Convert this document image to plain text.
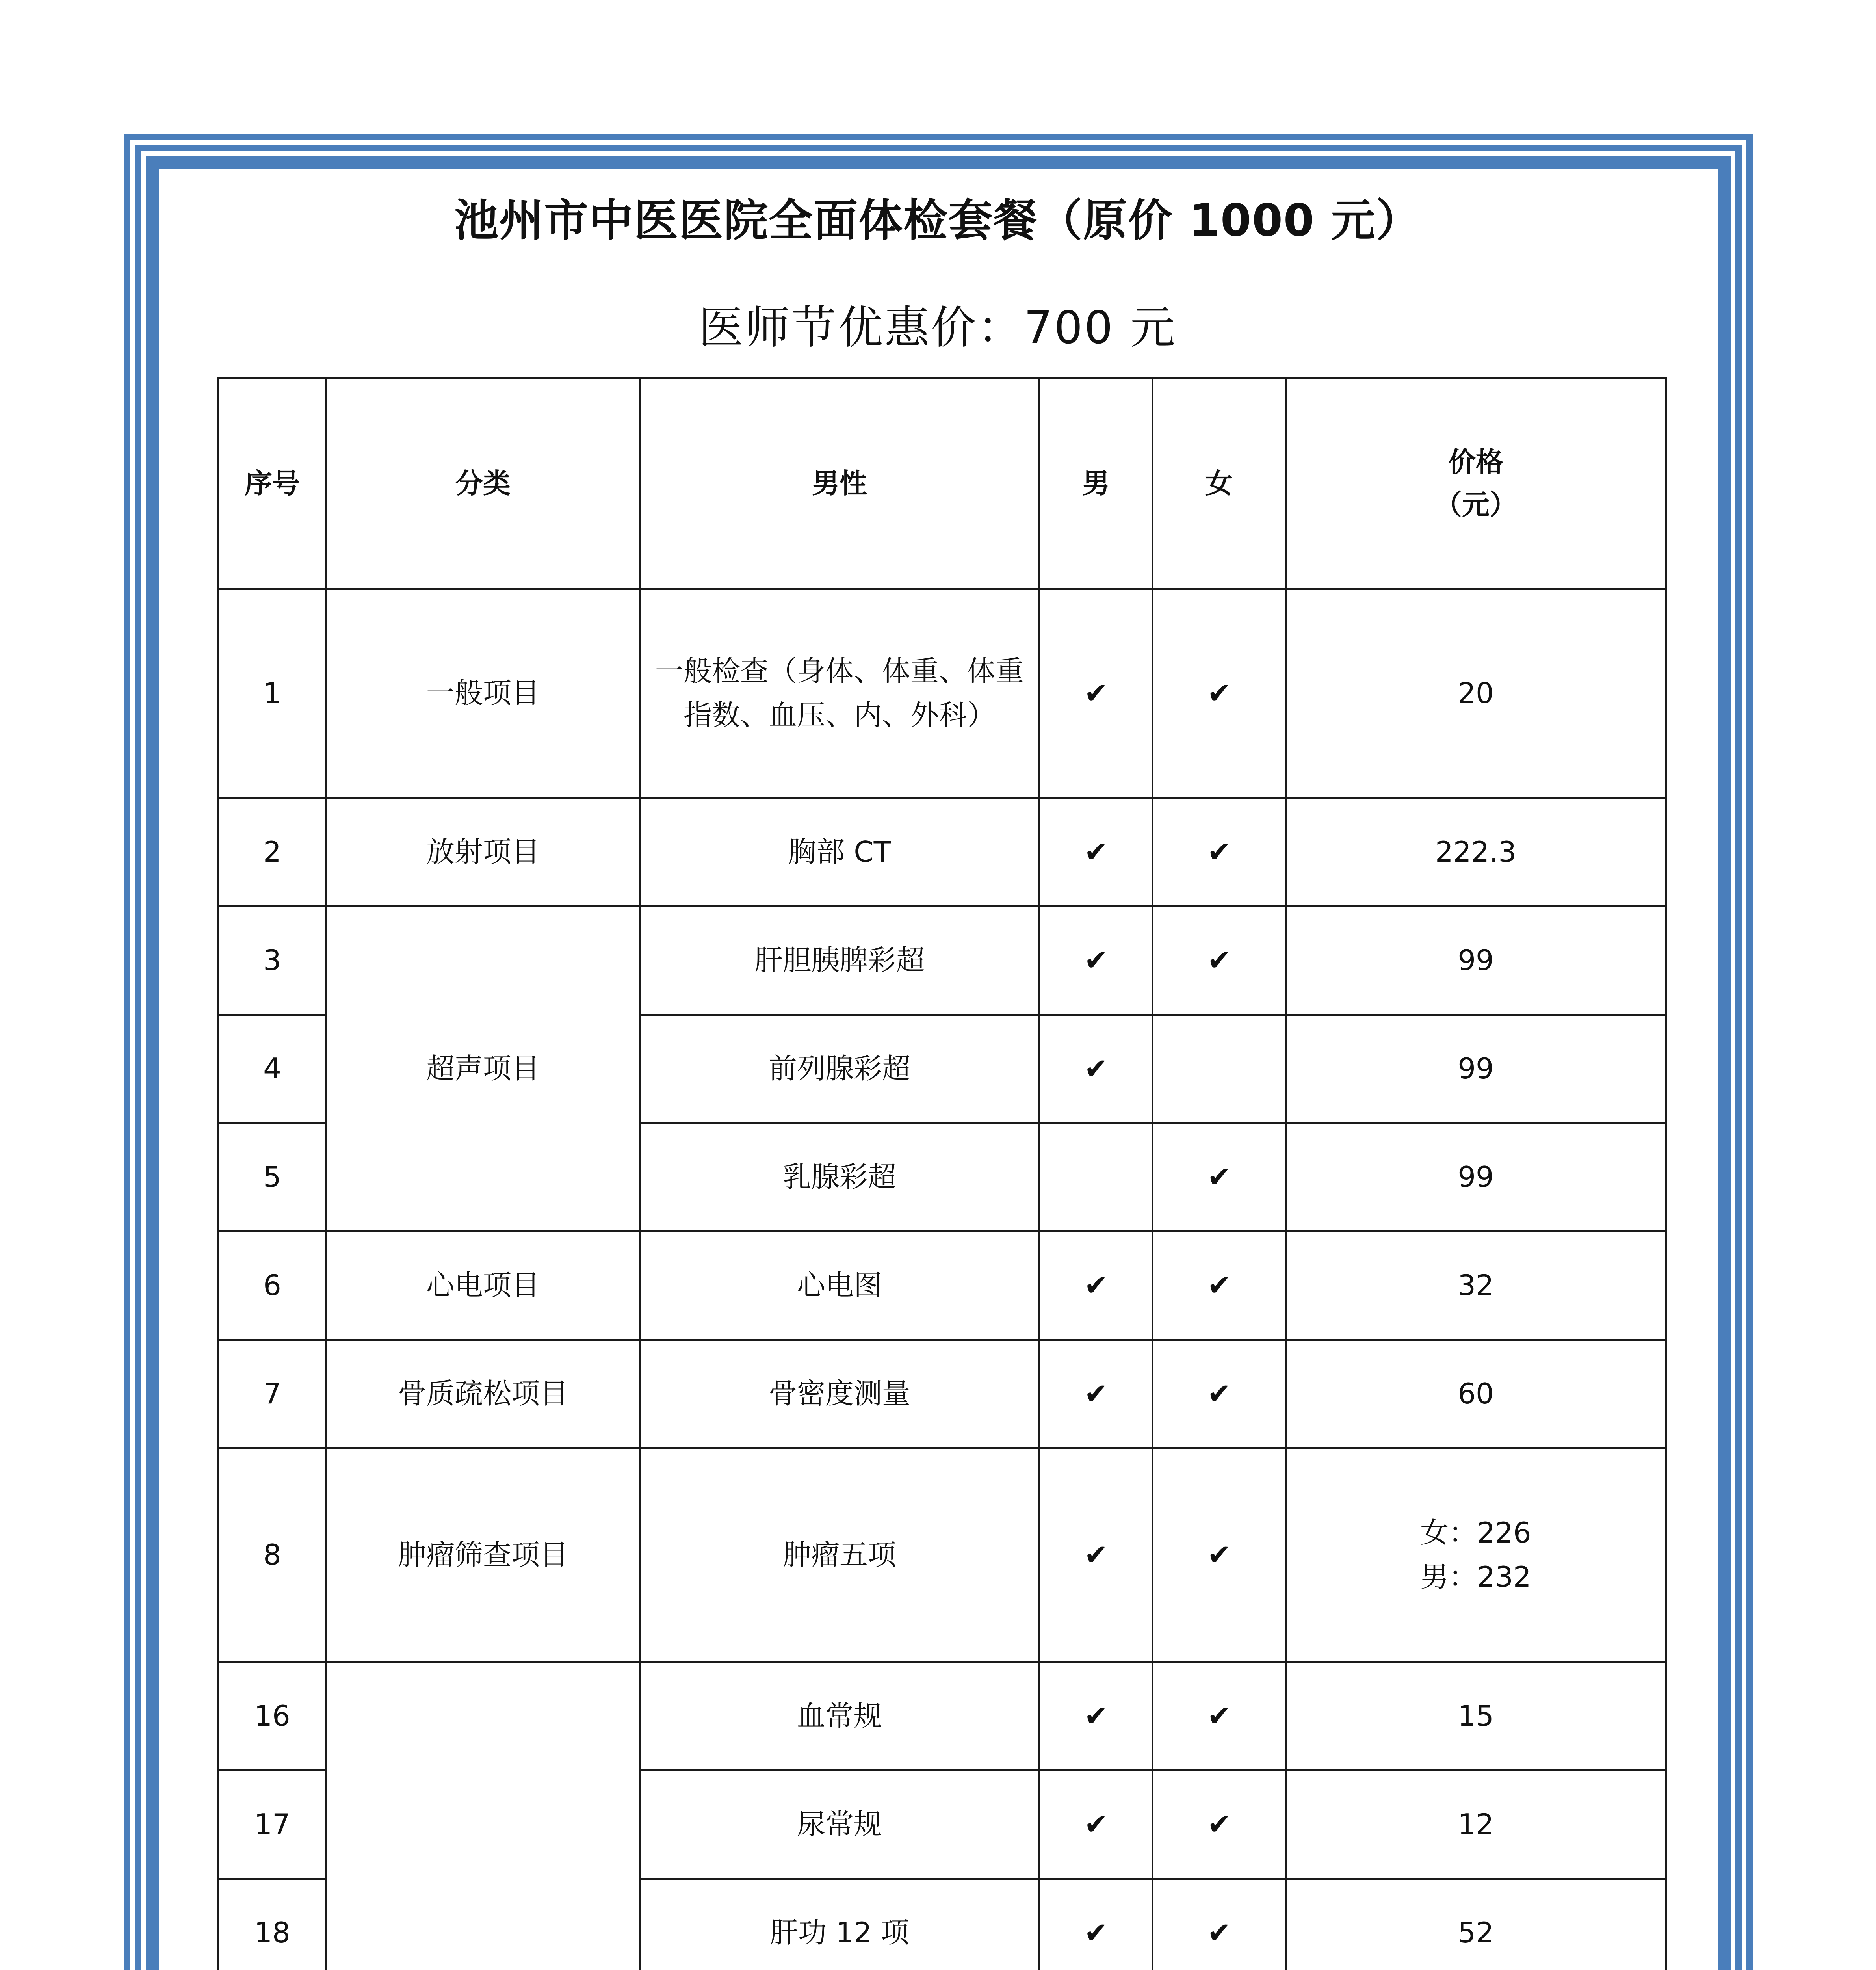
池州市中医医院全面体检套餐（原价 1000 元）
医师节优惠价：700 元
序号	分类	男性	男	女	价格
（元）

1	一般项目	一般检查（身体、体重、体重
指数、血压、内、外科）	✔	✔	20
2	放射项目	胸部 CT	✔	✔	222.3
3	超声项目	肝胆胰脾彩超	✔	✔	99
4		前列腺彩超	✔		99
5		乳腺彩超		✔	99
6	心电项目	心电图	✔	✔	32
7	骨质疏松项目	骨密度测量	✔	✔	60
8	肿瘤筛查项目	肿瘤五项	✔	✔	女：226
男：232

16		血常规	✔	✔	15
17		尿常规	✔	✔	12
18		肝功 12 项	✔	✔	52
